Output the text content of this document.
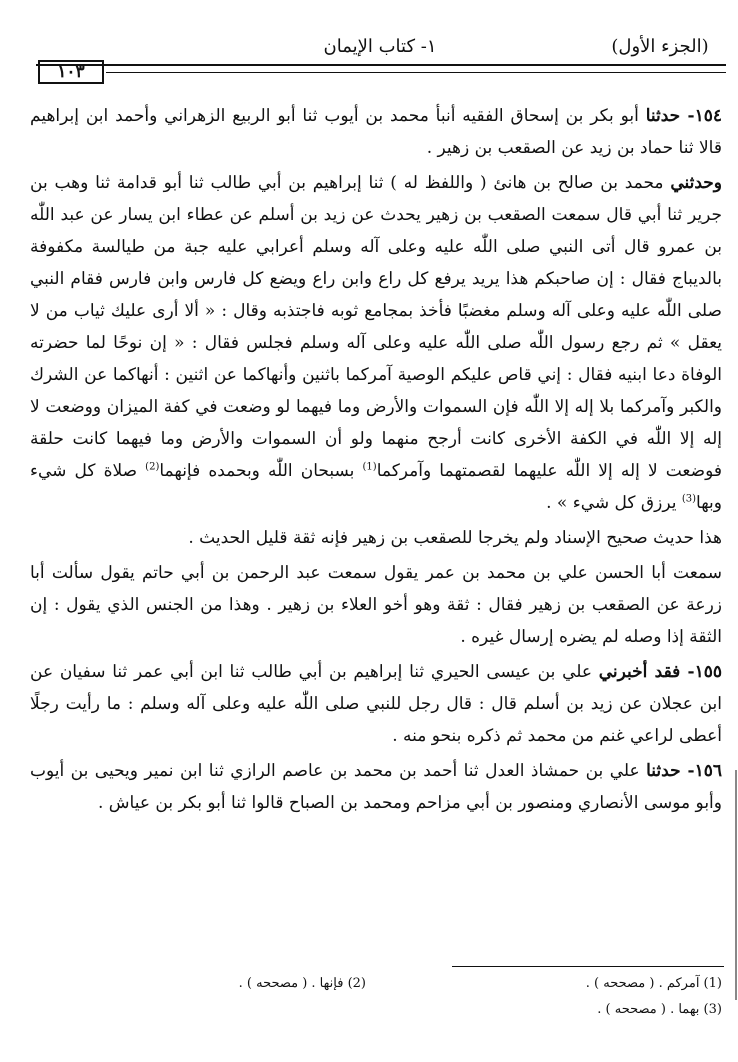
(الجزء الأول)
١- كتاب الإيمان
١٠٣

١٥٤- حدثنا أبو بكر بن إسحاق الفقيه أنبأ محمد بن أيوب ثنا أبو الربيع الزهراني وأحمد ابن إبراهيم قالا ثنا حماد بن زيد عن الصقعب بن زهير .

وحدثني محمد بن صالح بن هانئ ( واللفظ له ) ثنا إبراهيم بن أبي طالب ثنا أبو قدامة ثنا وهب بن جرير ثنا أبي قال سمعت الصقعب بن زهير يحدث عن زيد بن أسلم عن عطاء ابن يسار عن عبد اللّٰه بن عمرو قال أتى النبي صلى اللّٰه عليه وعلى آله وسلم أعرابي عليه جبة من طيالسة مكفوفة بالديباج فقال : إن صاحبكم هذا يريد يرفع كل راع وابن راع ويضع كل فارس وابن فارس فقام النبي صلى اللّٰه عليه وعلى آله وسلم مغضبًا فأخذ بمجامع ثوبه فاجتذبه وقال : « ألا أرى عليك ثياب من لا يعقل » ثم رجع رسول اللّٰه صلى اللّٰه عليه وعلى آله وسلم فجلس فقال : « إن نوحًا لما حضرته الوفاة دعا ابنيه فقال : إني قاص عليكم الوصية آمركما باثنين وأنهاكما عن اثنين : أنهاكما عن الشرك والكبر وآمركما بلا إله إلا اللّٰه فإن السموات والأرض وما فيهما لو وضعت في كفة الميزان ووضعت لا إله إلا اللّٰه في الكفة الأخرى كانت أرجح منهما ولو أن السموات والأرض وما فيهما كانت حلقة فوضعت لا إله إلا اللّٰه عليهما لقصمتهما وآمركما$^{(1)}$ بسبحان اللّٰه وبحمده فإنهما$^{(2)}$ صلاة كل شيء وبها$^{(3)}$ يرزق كل شيء » .

هذا حديث صحيح الإسناد ولم يخرجا للصقعب بن زهير فإنه ثقة قليل الحديث .

سمعت أبا الحسن علي بن محمد بن عمر يقول سمعت عبد الرحمن بن أبي حاتم يقول سألت أبا زرعة عن الصقعب بن زهير فقال : ثقة وهو أخو العلاء بن زهير . وهذا من الجنس الذي يقول : إن الثقة إذا وصله لم يضره إرسال غيره .

١٥٥- فقد أخبرني علي بن عيسى الحيري ثنا إبراهيم بن أبي طالب ثنا ابن أبي عمر ثنا سفيان عن ابن عجلان عن زيد بن أسلم قال : قال رجل للنبي صلى اللّٰه عليه وعلى آله وسلم : ما رأيت رجلًا أعطى لراعي غنم من محمد ثم ذكره بنحو منه .

١٥٦- حدثنا علي بن حمشاذ العدل ثنا أحمد بن محمد بن عاصم الرازي ثنا ابن نمير ويحيى بن أيوب وأبو موسى الأنصاري ومنصور بن أبي مزاحم ومحمد بن الصباح قالوا ثنا أبو بكر بن عياش .

(1) آمركم . ( مصححه ) .
(2) فإنها . ( مصححه ) .
(3) بهما . ( مصححه ) .
